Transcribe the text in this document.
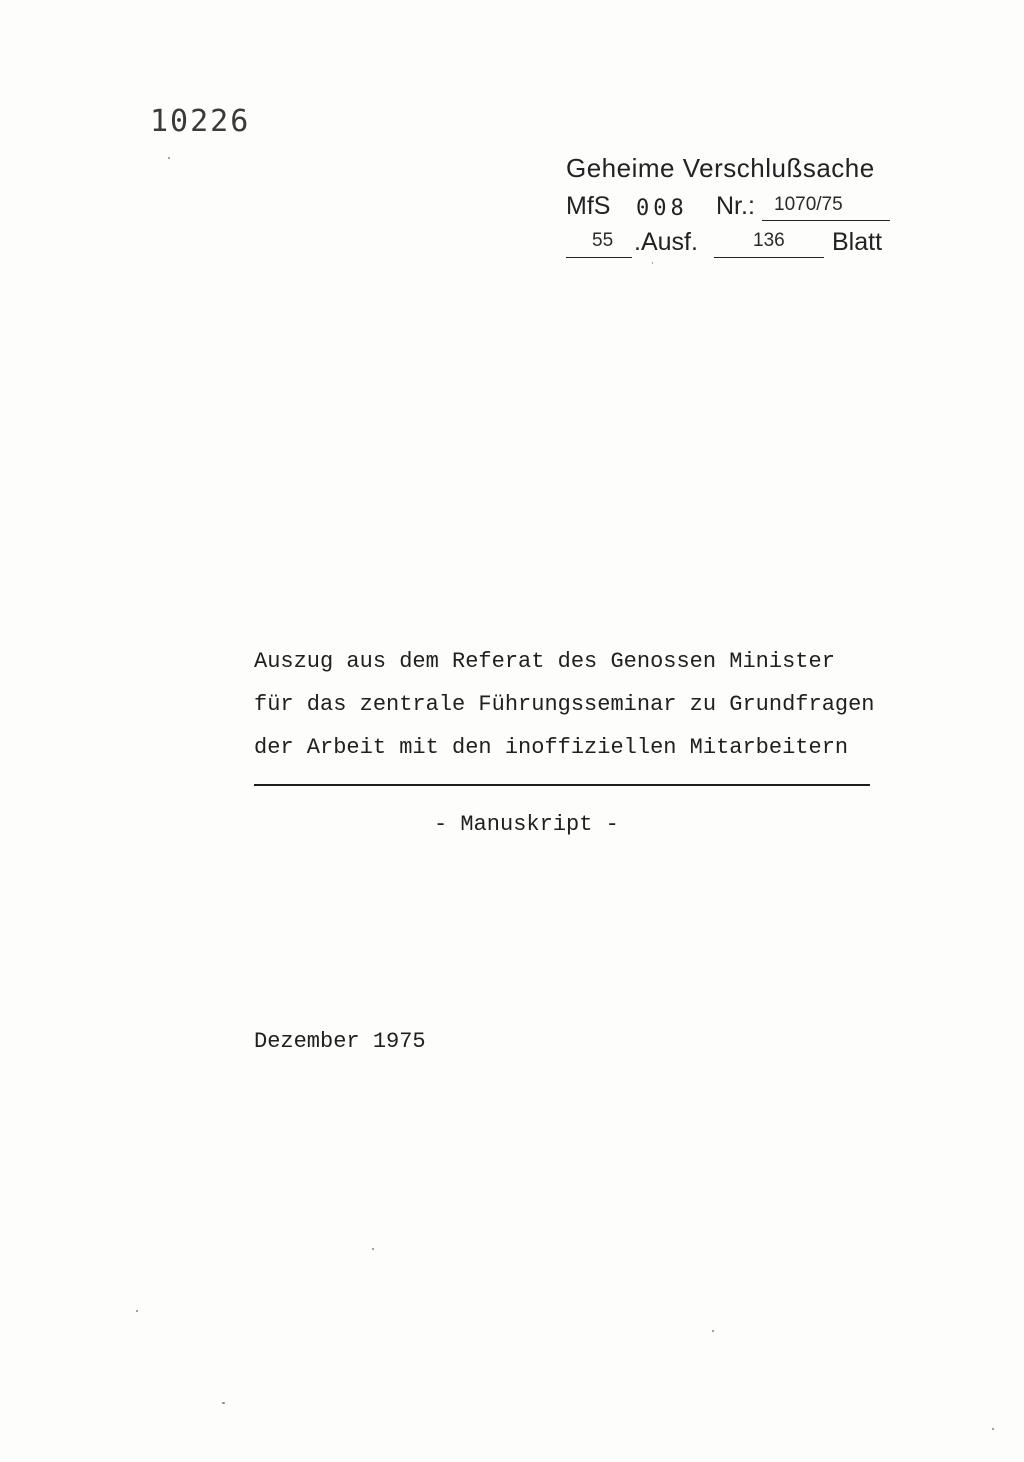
10226
Geheime Verschlußsache
MfS 008 Nr.: 1070/75
55 .Ausf.	136 Blatt

Auszug aus dem Referat des Genossen Minister

für das zentrale Führungsseminar zu Grundfragen

der Arbeit mit den inoffiziellen Mitarbeitern

- Manuskript -
Dezember 1975
